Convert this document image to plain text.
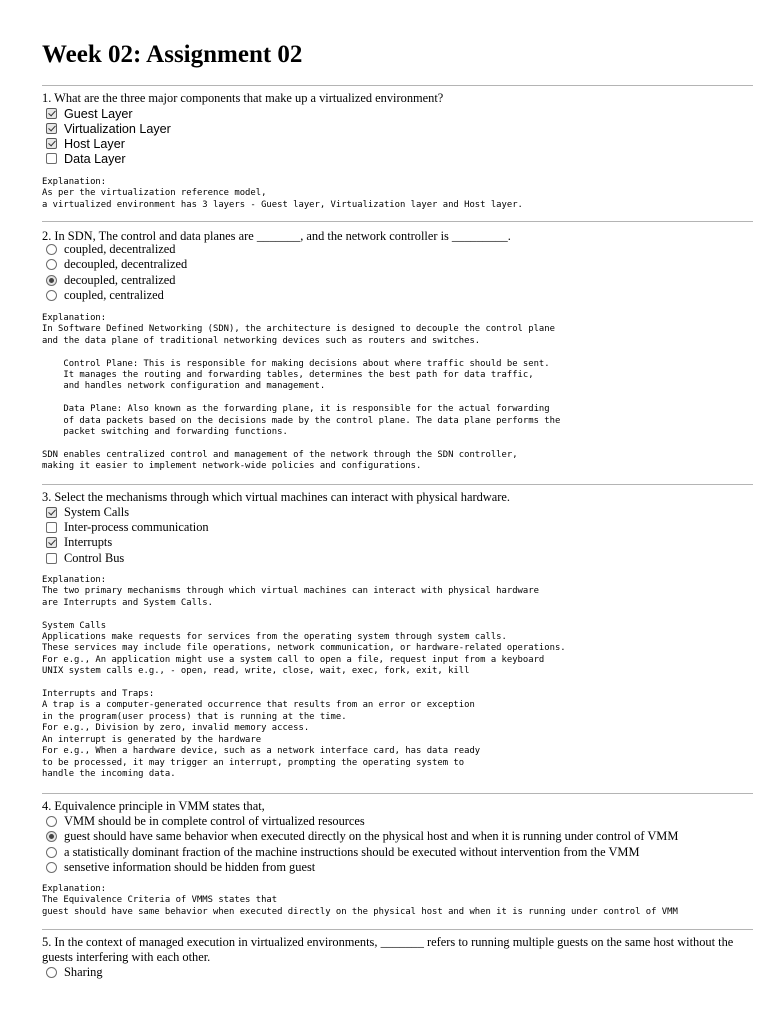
Week 02: Assignment 02
1. What are the three major components that make up a virtualized environment?
Guest Layer
Virtualization Layer
Host Layer
Data Layer
Explanation:
As per the virtualization reference model,
a virtualized environment has 3 layers - Guest layer, Virtualization layer and Host layer.
2. In SDN, The control and data planes are _______, and the network controller is _________.
coupled, decentralized
decoupled, decentralized
decoupled, centralized
coupled, centralized
Explanation:
In Software Defined Networking (SDN), the architecture is designed to decouple the control plane
and the data plane of traditional networking devices such as routers and switches.

Control Plane: This is responsible for making decisions about where traffic should be sent.
It manages the routing and forwarding tables, determines the best path for data traffic,
and handles network configuration and management.

Data Plane: Also known as the forwarding plane, it is responsible for the actual forwarding
of data packets based on the decisions made by the control plane. The data plane performs the
packet switching and forwarding functions.

SDN enables centralized control and management of the network through the SDN controller,
making it easier to implement network-wide policies and configurations.
3. Select the mechanisms through which virtual machines can interact with physical hardware.
System Calls
Inter-process communication
Interrupts
Control Bus
Explanation:
The two primary mechanisms through which virtual machines can interact with physical hardware
are Interrupts and System Calls.

System Calls
Applications make requests for services from the operating system through system calls.
These services may include file operations, network communication, or hardware-related operations.
For e.g., An application might use a system call to open a file, request input from a keyboard
UNIX system calls e.g., - open, read, write, close, wait, exec, fork, exit, kill

Interrupts and Traps:
A trap is a computer-generated occurrence that results from an error or exception
in the program(user process) that is running at the time.
For e.g., Division by zero, invalid memory access.
An interrupt is generated by the hardware
For e.g., When a hardware device, such as a network interface card, has data ready
to be processed, it may trigger an interrupt, prompting the operating system to
handle the incoming data.
4. Equivalence principle in VMM states that,
VMM should be in complete control of virtualized resources
guest should have same behavior when executed directly on the physical host and when it is running under control of VMM
a statistically dominant fraction of the machine instructions should be executed without intervention from the VMM
sensetive information should be hidden from guest
Explanation:
The Equivalence Criteria of VMMS states that
guest should have same behavior when executed directly on the physical host and when it is running under control of VMM
5. In the context of managed execution in virtualized environments, _______ refers to running multiple guests on the same host without the guests interfering with each other.
Sharing
